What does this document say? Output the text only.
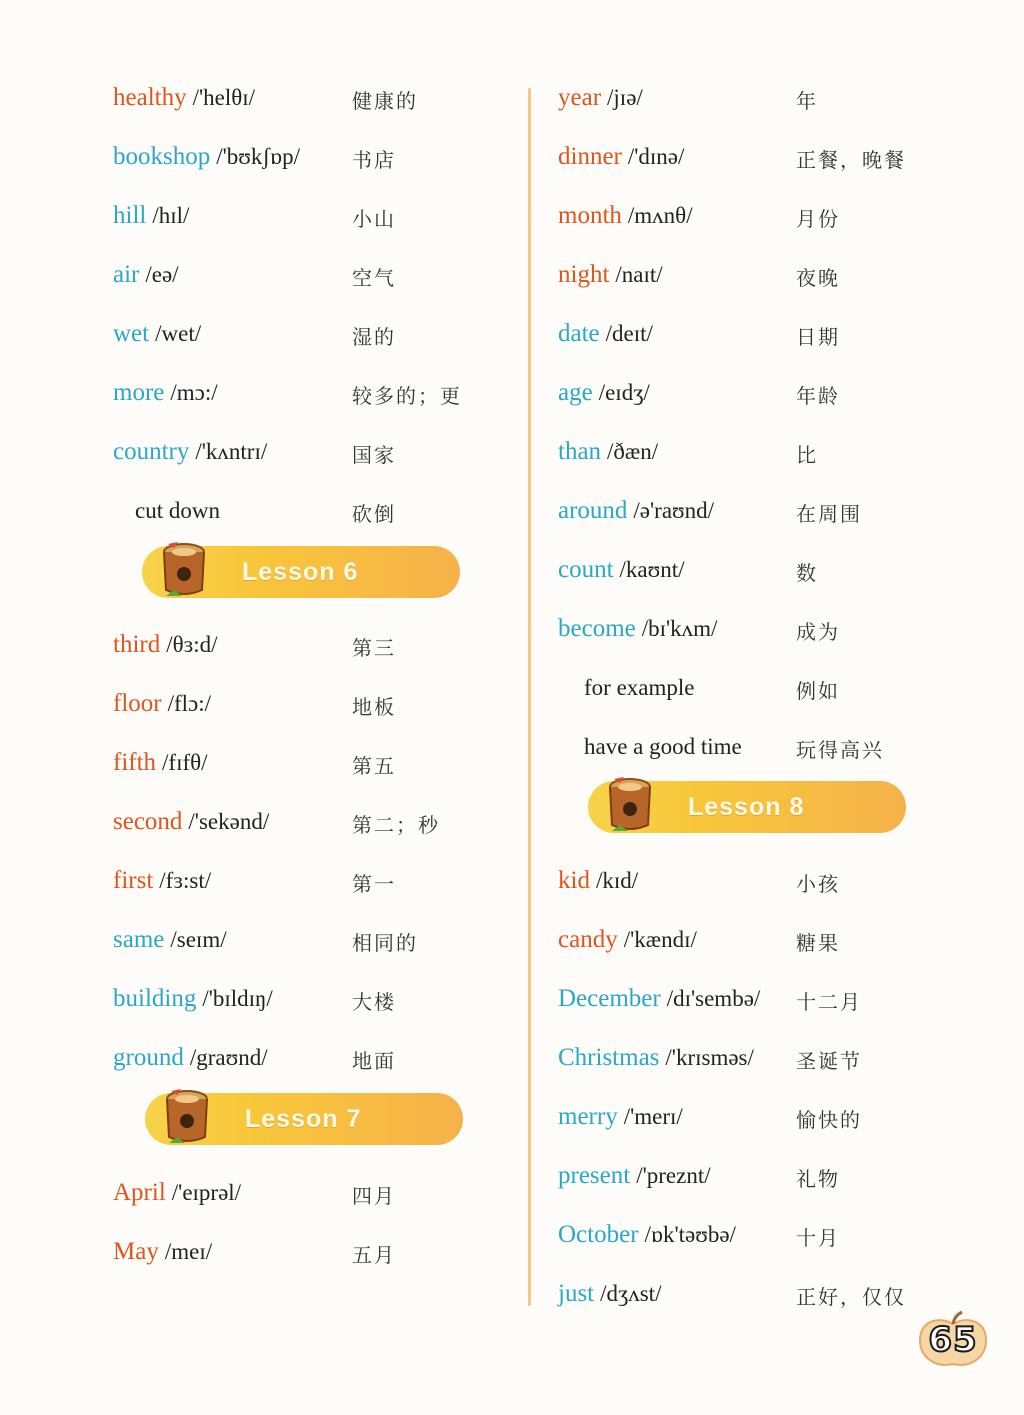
healthy /'helθɪ/	健康的
bookshop /'bʊkʃɒp/	书店
hill /hɪl/	小山
air /eə/	空气
wet /wet/	湿的
more /mɔ:/	较多的；更
country /'kʌntrɪ/	国家
cut down	砍倒
Lesson 6
third /θɜ:d/	第三
floor /flɔ:/	地板
fifth /fɪfθ/	第五
second /'sekənd/	第二；秒
first /fɜ:st/	第一
same /seɪm/	相同的
building /'bɪldɪŋ/	大楼
ground /graʊnd/	地面
Lesson 7
April /'eɪprəl/	四月
May /meɪ/	五月
year /jɪə/	年
dinner /'dɪnə/	正餐，晚餐
month /mʌnθ/	月份
night /naɪt/	夜晚
date /deɪt/	日期
age /eɪdʒ/	年龄
than /ðæn/	比
around /ə'raʊnd/	在周围
count /kaʊnt/	数
become /bɪ'kʌm/	成为
for example	例如
have a good time	玩得高兴
Lesson 8
kid /kɪd/	小孩
candy /'kændɪ/	糖果
December /dɪ'sembə/ 十二月
Christmas /'krɪsməs/ 圣诞节
merry /'merɪ/	愉快的
present /'preznt/	礼物
October /ɒk'təʊbə/	十月
just /dʒʌst/	正好，仅仅
65
